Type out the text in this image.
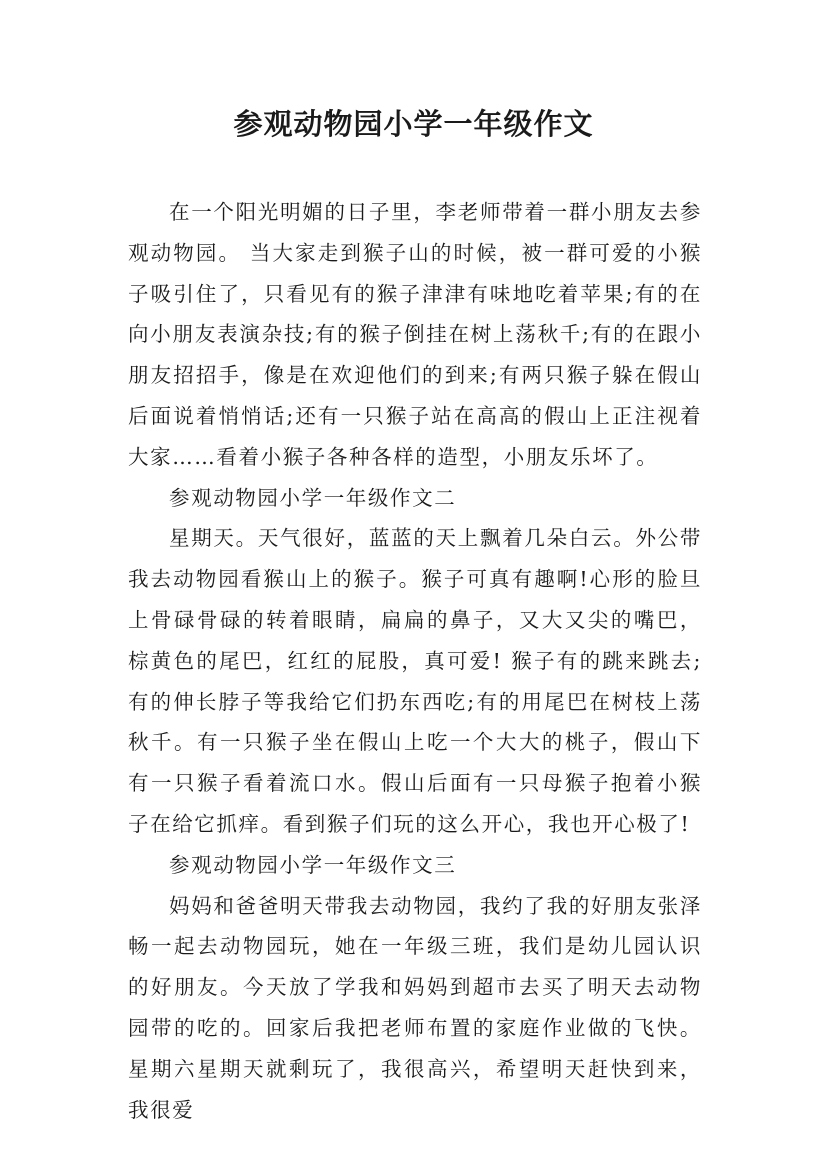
参观动物园小学一年级作文

在一个阳光明媚的日子里，李老师带着一群小朋友去参观动物园。 当大家走到猴子山的时候，被一群可爱的小猴子吸引住了，只看见有的猴子津津有味地吃着苹果;有的在向小朋友表演杂技;有的猴子倒挂在树上荡秋千;有的在跟小朋友招招手，像是在欢迎他们的到来;有两只猴子躲在假山后面说着悄悄话;还有一只猴子站在高高的假山上正注视着大家……看着小猴子各种各样的造型，小朋友乐坏了。

参观动物园小学一年级作文二

星期天。天气很好，蓝蓝的天上飘着几朵白云。外公带我去动物园看猴山上的猴子。猴子可真有趣啊!心形的脸旦上骨碌骨碌的转着眼睛，扁扁的鼻子，又大又尖的嘴巴，棕黄色的尾巴，红红的屁股，真可爱! 猴子有的跳来跳去;有的伸长脖子等我给它们扔东西吃;有的用尾巴在树枝上荡秋千。有一只猴子坐在假山上吃一个大大的桃子，假山下有一只猴子看着流口水。假山后面有一只母猴子抱着小猴子在给它抓痒。看到猴子们玩的这么开心，我也开心极了!

参观动物园小学一年级作文三

妈妈和爸爸明天带我去动物园，我约了我的好朋友张泽畅一起去动物园玩，她在一年级三班，我们是幼儿园认识的好朋友。今天放了学我和妈妈到超市去买了明天去动物园带的吃的。回家后我把老师布置的家庭作业做的飞快。 星期六星期天就剩玩了，我很高兴，希望明天赶快到来，我很爱
